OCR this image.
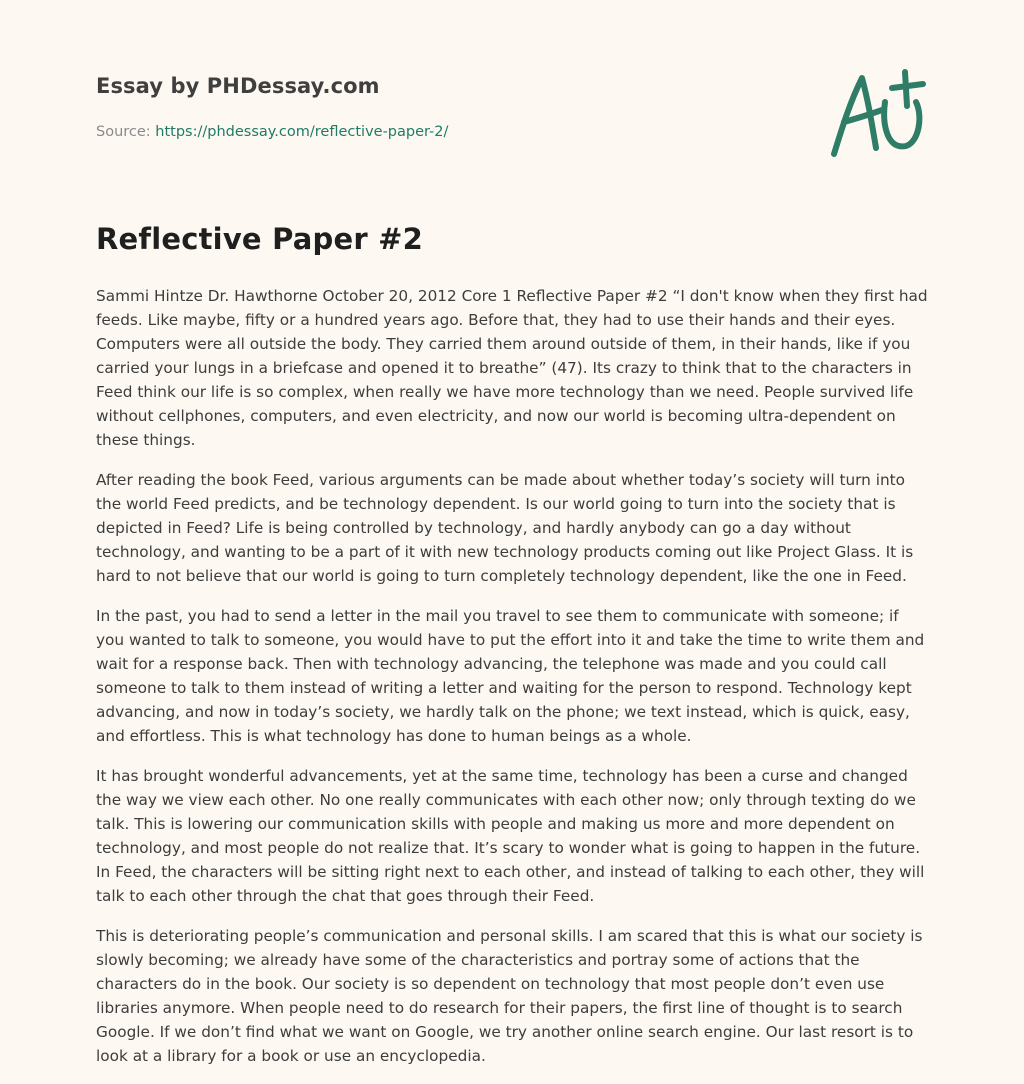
Essay by PHDessay.com
Source: https://phdessay.com/reflective-paper-2/
Reflective Paper #2

Sammi Hintze Dr. Hawthorne October 20, 2012 Core 1 Reflective Paper #2 “I don't know when they first had feeds. Like maybe, fifty or a hundred years ago. Before that, they had to use their hands and their eyes. Computers were all outside the body. They carried them around outside of them, in their hands, like if you carried your lungs in a briefcase and opened it to breathe” (47). Its crazy to think that to the characters in Feed think our life is so complex, when really we have more technology than we need. People survived life without cellphones, computers, and even electricity, and now our world is becoming ultra-dependent on these things.

After reading the book Feed, various arguments can be made about whether today’s society will turn into the world Feed predicts, and be technology dependent. Is our world going to turn into the society that is depicted in Feed? Life is being controlled by technology, and hardly anybody can go a day without technology, and wanting to be a part of it with new technology products coming out like Project Glass. It is hard to not believe that our world is going to turn completely technology dependent, like the one in Feed.

In the past, you had to send a letter in the mail you travel to see them to communicate with someone; if you wanted to talk to someone, you would have to put the effort into it and take the time to write them and wait for a response back. Then with technology advancing, the telephone was made and you could call someone to talk to them instead of writing a letter and waiting for the person to respond. Technology kept advancing, and now in today’s society, we hardly talk on the phone; we text instead, which is quick, easy, and effortless. This is what technology has done to human beings as a whole.

It has brought wonderful advancements, yet at the same time, technology has been a curse and changed the way we view each other. No one really communicates with each other now; only through texting do we talk. This is lowering our communication skills with people and making us more and more dependent on technology, and most people do not realize that. It’s scary to wonder what is going to happen in the future. In Feed, the characters will be sitting right next to each other, and instead of talking to each other, they will talk to each other through the chat that goes through their Feed.

This is deteriorating people’s communication and personal skills. I am scared that this is what our society is slowly becoming; we already have some of the characteristics and portray some of actions that the characters do in the book. Our society is so dependent on technology that most people don’t even use libraries anymore. When people need to do research for their papers, the first line of thought is to search Google. If we don’t find what we want on Google, we try another online search engine. Our last resort is to look at a library for a book or use an encyclopedia.
